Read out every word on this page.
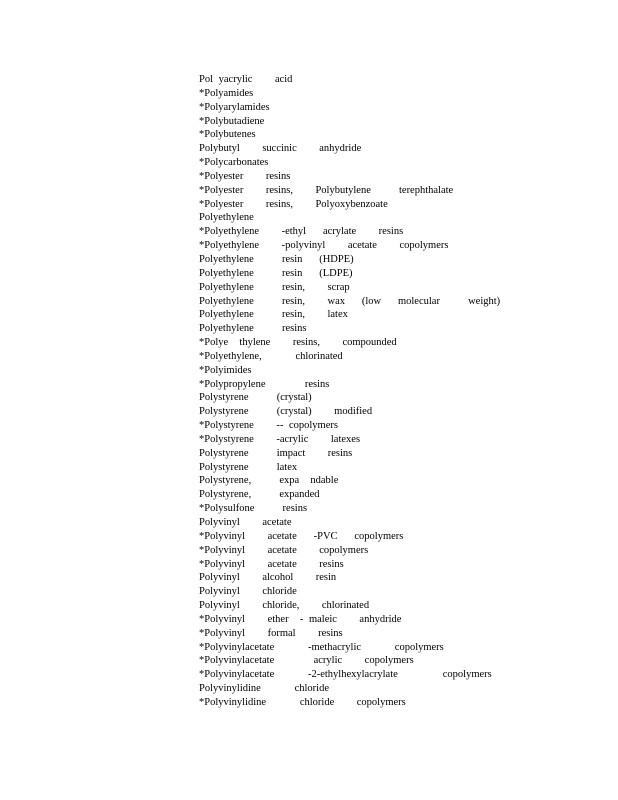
Pol yacrylic    acid
*Polyamides
*Polyarylamides
*Polybutadiene
*Polybutenes
Polybutyl    succinic    anhydride
*Polycarbonates
*Polyester    resins
*Polyester    resins,    Polybutylene     terephthalate
*Polyester    resins,    Polyoxybenzoate
Polyethylene
*Polyethylene    -ethyl   acrylate    resins
*Polyethylene    -polyvinyl    acetate    copolymers
Polyethylene     resin   (HDPE)
Polyethylene     resin   (LDPE)
Polyethylene     resin,    scrap
Polyethylene     resin,    wax   (low   molecular     weight)
Polyethylene     resin,    latex
Polyethylene     resins
*Polye  thylene    resins,    compounded
*Polyethylene,      chlorinated
*Polyimides
*Polypropylene       resins
Polystyrene     (crystal)
Polystyrene     (crystal)    modified
*Polystyrene    -- copolymers
*Polystyrene    -acrylic    latexes
Polystyrene     impact    resins
Polystyrene     latex
Polystyrene,     expa  ndable
Polystyrene,     expanded
*Polysulfone     resins
Polyvinyl    acetate
*Polyvinyl    acetate   -PVC   copolymers
*Polyvinyl    acetate    copolymers
*Polyvinyl    acetate    resins
Polyvinyl    alcohol    resin
Polyvinyl    chloride
Polyvinyl    chloride,    chlorinated
*Polyvinyl    ether  - maleic    anhydride
*Polyvinyl    formal    resins
*Polyvinylacetate      -methacrylic      copolymers
*Polyvinylacetate       acrylic    copolymers
*Polyvinylacetate      -2-ethylhexylacrylate        copolymers
Polyvinylidine      chloride
*Polyvinylidine      chloride    copolymers
